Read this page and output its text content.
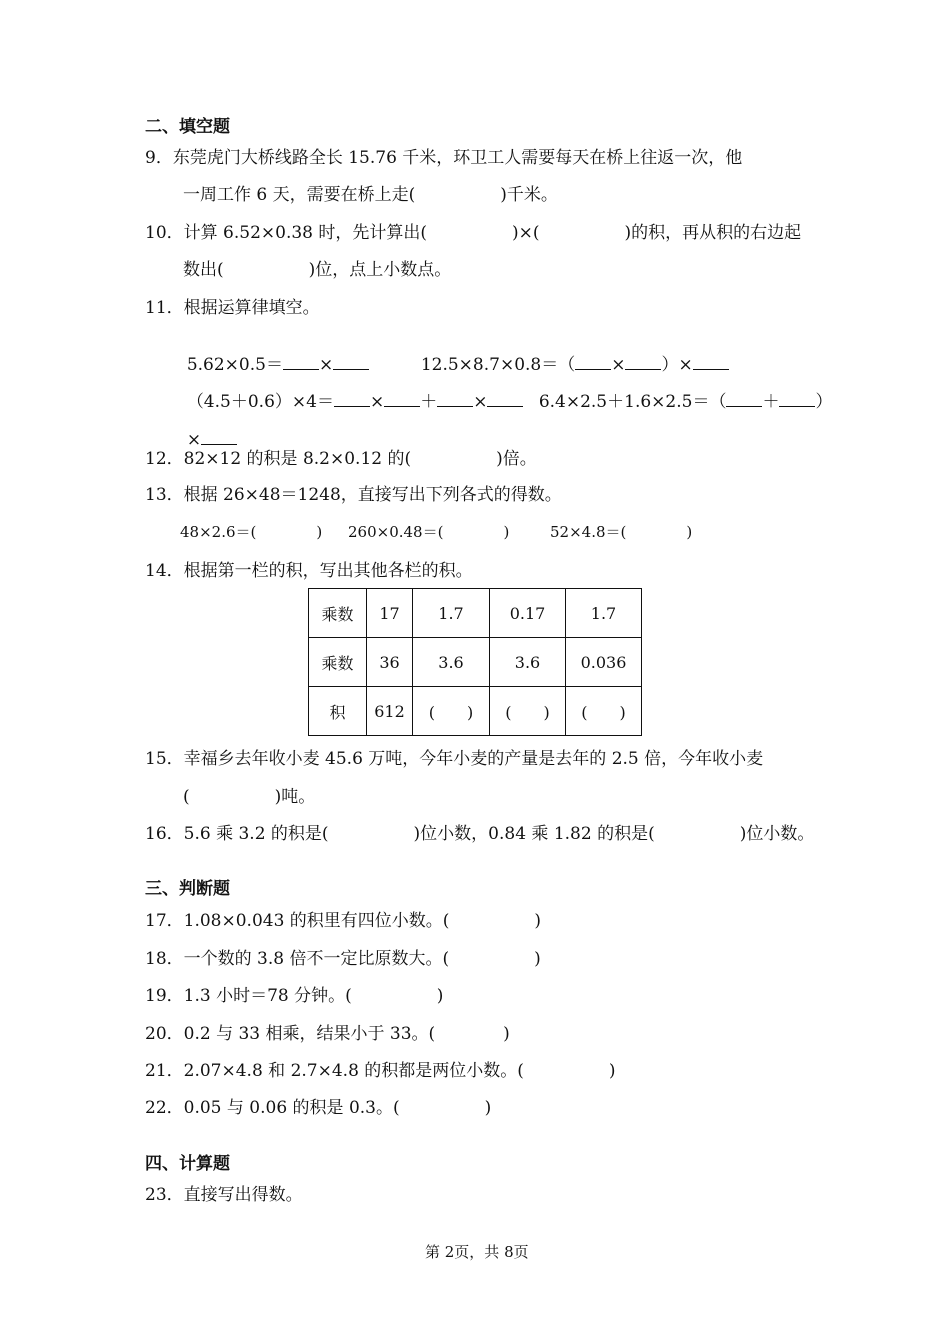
二、填空题
9．东莞虎门大桥线路全长 15.76 千米，环卫工人需要每天在桥上往返一次，他
一周工作 6 天，需要在桥上走(　　　　　)千米。
10．计算 6.52×0.38 时，先计算出(　　　　　)×(　　　　　)的积，再从积的右边起
数出(　　　　　)位，点上小数点。
11．根据运算律填空。

5.62×0.5＝ ×	12.5×8.7×0.8＝（ × ）×

（4.5＋0.6）×4＝ × ＋ ×	6.4×2.5＋1.6×2.5＝（ ＋ ）

×

12．82×12 的积是 8.2×0.12 的(　　　　　)倍。
13．根据 26×48＝1248，直接写出下列各式的得数。
48×2.6＝(　　　　) 260×0.48＝(　　　　)	52×4.8＝(　　　　)
14．根据第一栏的积，写出其他各栏的积。
乘数	17	1.7	0.17	1.7
乘数	36	3.6	3.6	0.036
积	612	(　　)	(　　)	(　　)
15．幸福乡去年收小麦 45.6 万吨，今年小麦的产量是去年的 2.5 倍，今年收小麦
(　　　　　)吨。
16．5.6 乘 3.2 的积是(　　　　　)位小数，0.84 乘 1.82 的积是(　　　　　)位小数。
三、判断题
17．1.08×0.043 的积里有四位小数。(　　　　　)
18．一个数的 3.8 倍不一定比原数大。(　　　　　)
19．1.3 小时＝78 分钟。(　　　　　)
20．0.2 与 33 相乘，结果小于 33。(　　　　)
21．2.07×4.8 和 2.7×4.8 的积都是两位小数。(　　　　　)
22．0.05 与 0.06 的积是 0.3。(　　　　　)
四、计算题
23．直接写出得数。
第 2页，共 8页
